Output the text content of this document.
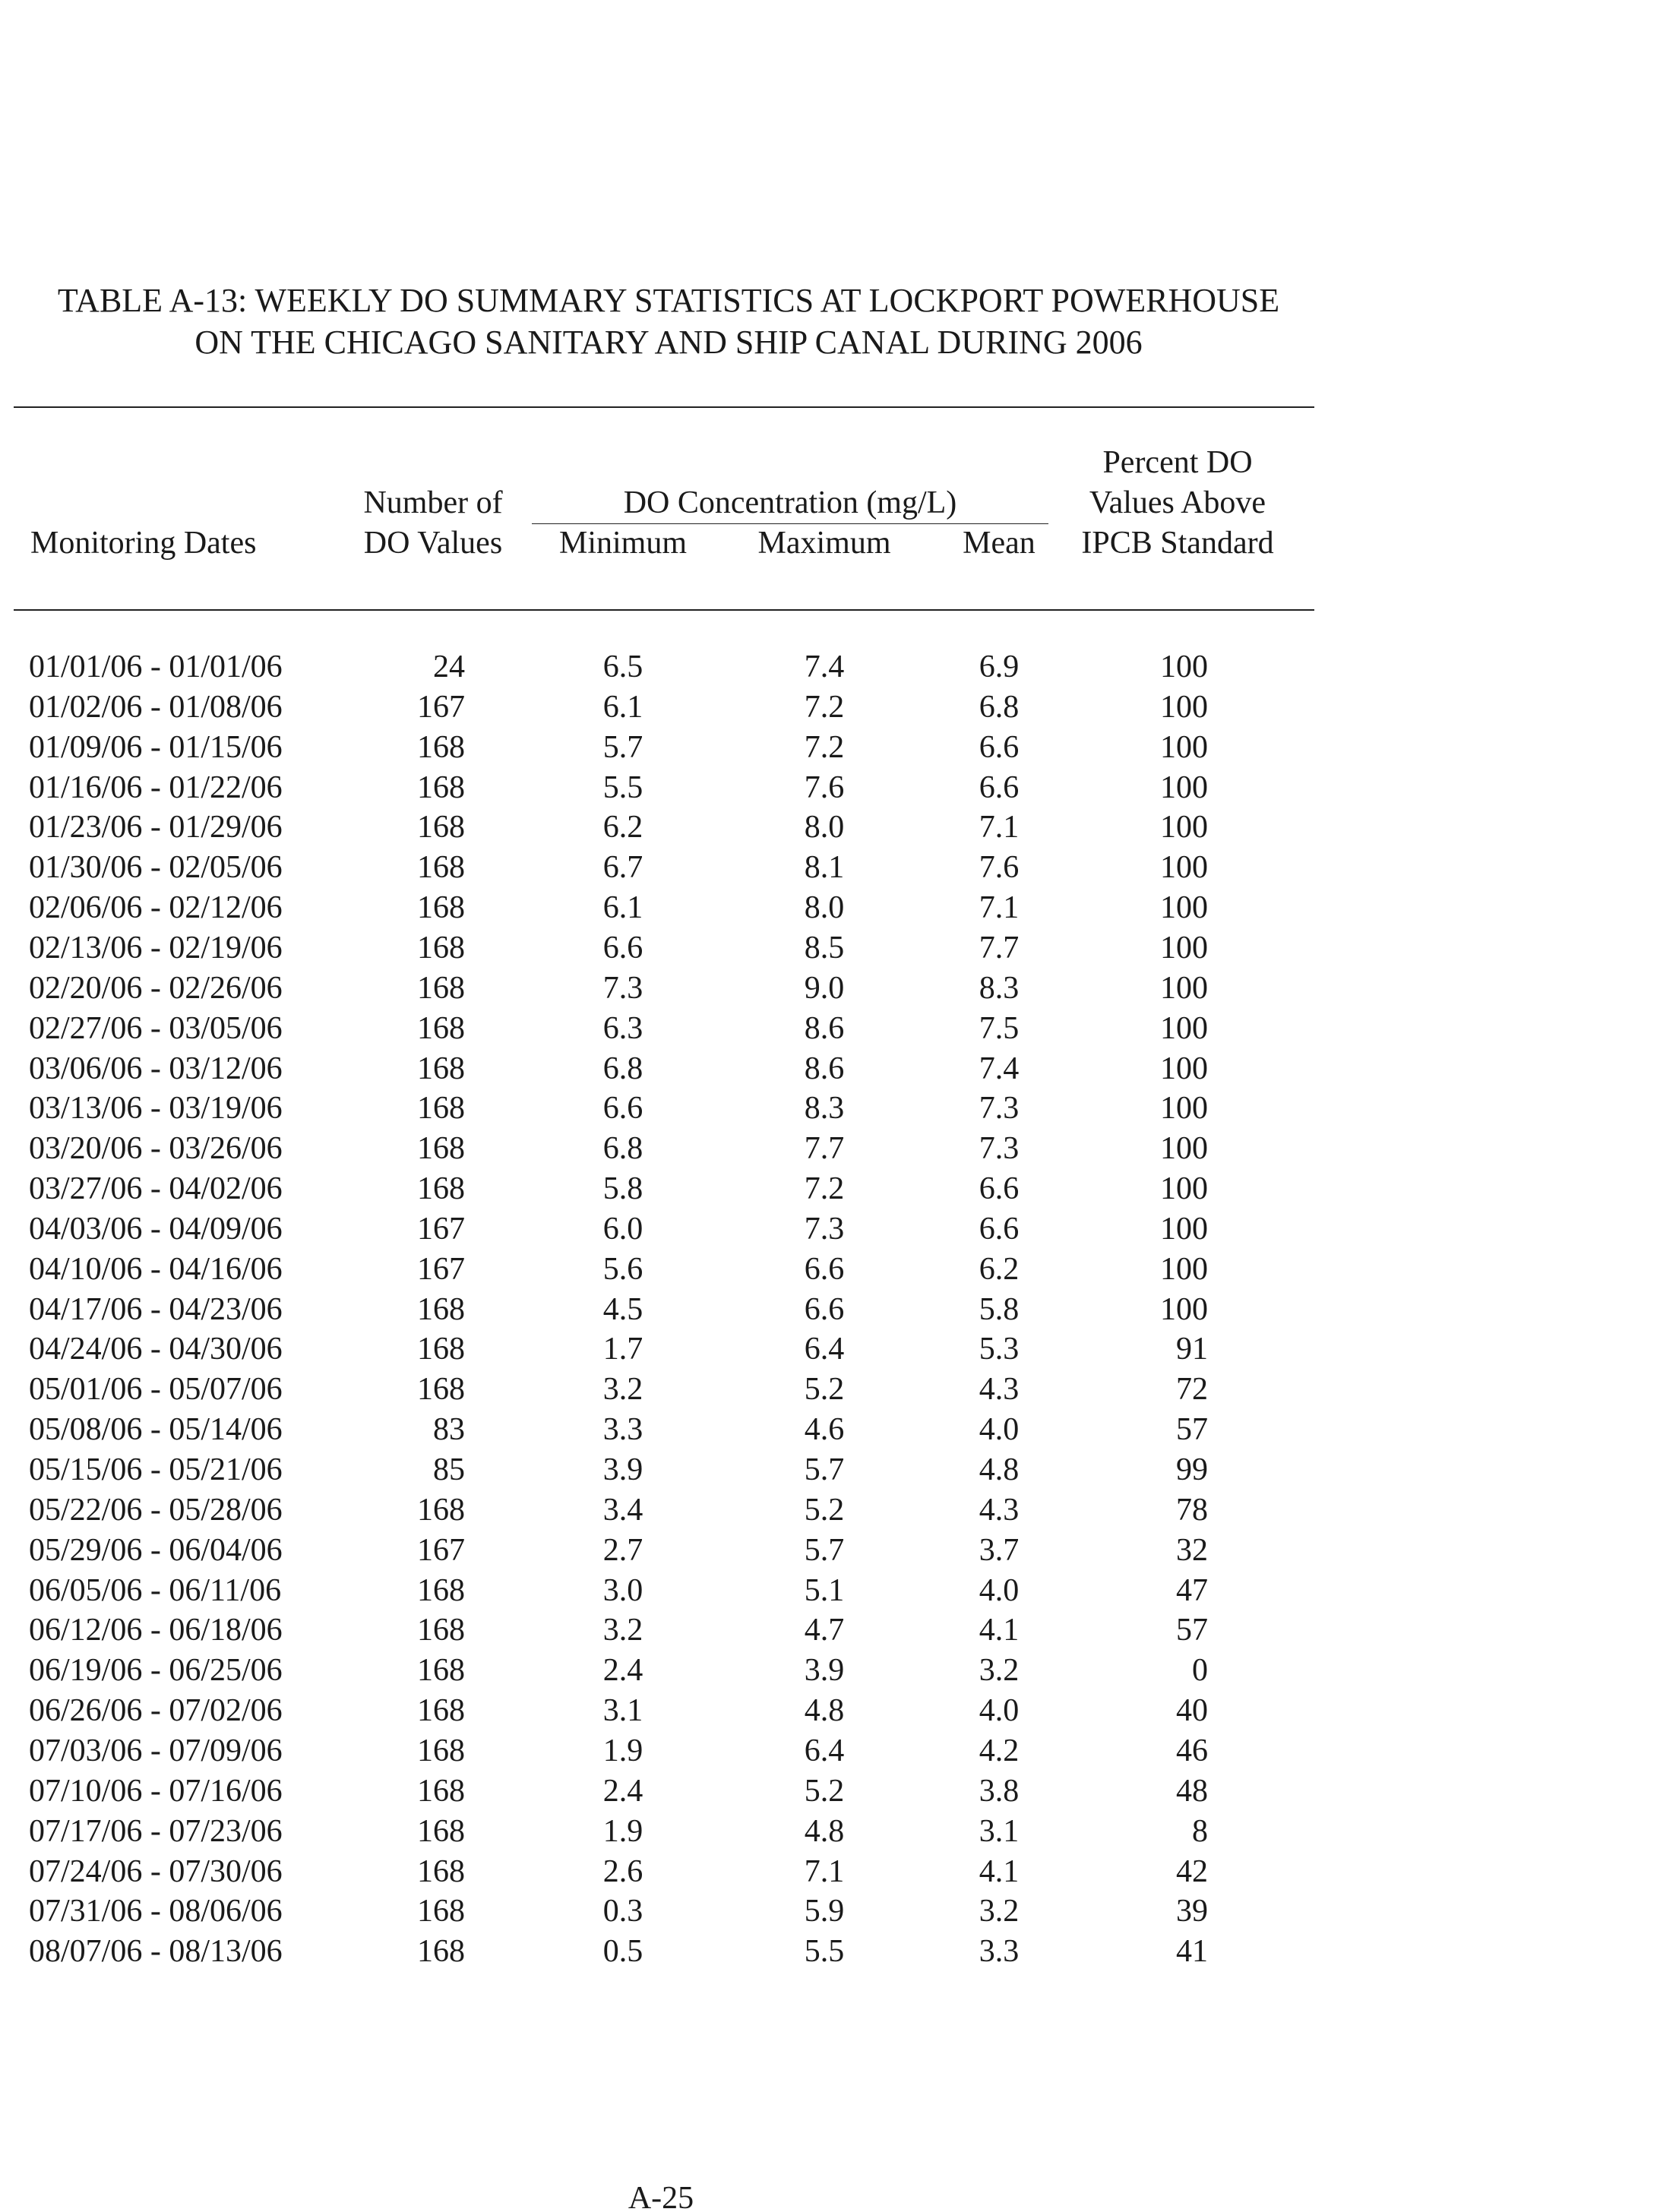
TABLE A-13: WEEKLY DO SUMMARY STATISTICS AT LOCKPORT POWERHOUSE
ON THE CHICAGO SANITARY AND SHIP CANAL DURING 2006
Monitoring Dates
Number of
DO Values
DO Concentration (mg/L)
Minimum	Maximum	Mean
Percent DO
Values Above
IPCB Standard
01/01/06 - 01/01/06	24	6.5	7.4	6.9	100
01/02/06 - 01/08/06	167	6.1	7.2	6.8	100
01/09/06 - 01/15/06	168	5.7	7.2	6.6	100
01/16/06 - 01/22/06	168	5.5	7.6	6.6	100
01/23/06 - 01/29/06	168	6.2	8.0	7.1	100
01/30/06 - 02/05/06	168	6.7	8.1	7.6	100
02/06/06 - 02/12/06	168	6.1	8.0	7.1	100
02/13/06 - 02/19/06	168	6.6	8.5	7.7	100
02/20/06 - 02/26/06	168	7.3	9.0	8.3	100
02/27/06 - 03/05/06	168	6.3	8.6	7.5	100
03/06/06 - 03/12/06	168	6.8	8.6	7.4	100
03/13/06 - 03/19/06	168	6.6	8.3	7.3	100
03/20/06 - 03/26/06	168	6.8	7.7	7.3	100
03/27/06 - 04/02/06	168	5.8	7.2	6.6	100
04/03/06 - 04/09/06	167	6.0	7.3	6.6	100
04/10/06 - 04/16/06	167	5.6	6.6	6.2	100
04/17/06 - 04/23/06	168	4.5	6.6	5.8	100
04/24/06 - 04/30/06	168	1.7	6.4	5.3	91
05/01/06 - 05/07/06	168	3.2	5.2	4.3	72
05/08/06 - 05/14/06	83	3.3	4.6	4.0	57
05/15/06 - 05/21/06	85	3.9	5.7	4.8	99
05/22/06 - 05/28/06	168	3.4	5.2	4.3	78
05/29/06 - 06/04/06	167	2.7	5.7	3.7	32
06/05/06 - 06/11/06	168	3.0	5.1	4.0	47
06/12/06 - 06/18/06	168	3.2	4.7	4.1	57
06/19/06 - 06/25/06	168	2.4	3.9	3.2	0
06/26/06 - 07/02/06	168	3.1	4.8	4.0	40
07/03/06 - 07/09/06	168	1.9	6.4	4.2	46
07/10/06 - 07/16/06	168	2.4	5.2	3.8	48
07/17/06 - 07/23/06	168	1.9	4.8	3.1	8
07/24/06 - 07/30/06	168	2.6	7.1	4.1	42
07/31/06 - 08/06/06	168	0.3	5.9	3.2	39
08/07/06 - 08/13/06	168	0.5	5.5	3.3	41
A-25
